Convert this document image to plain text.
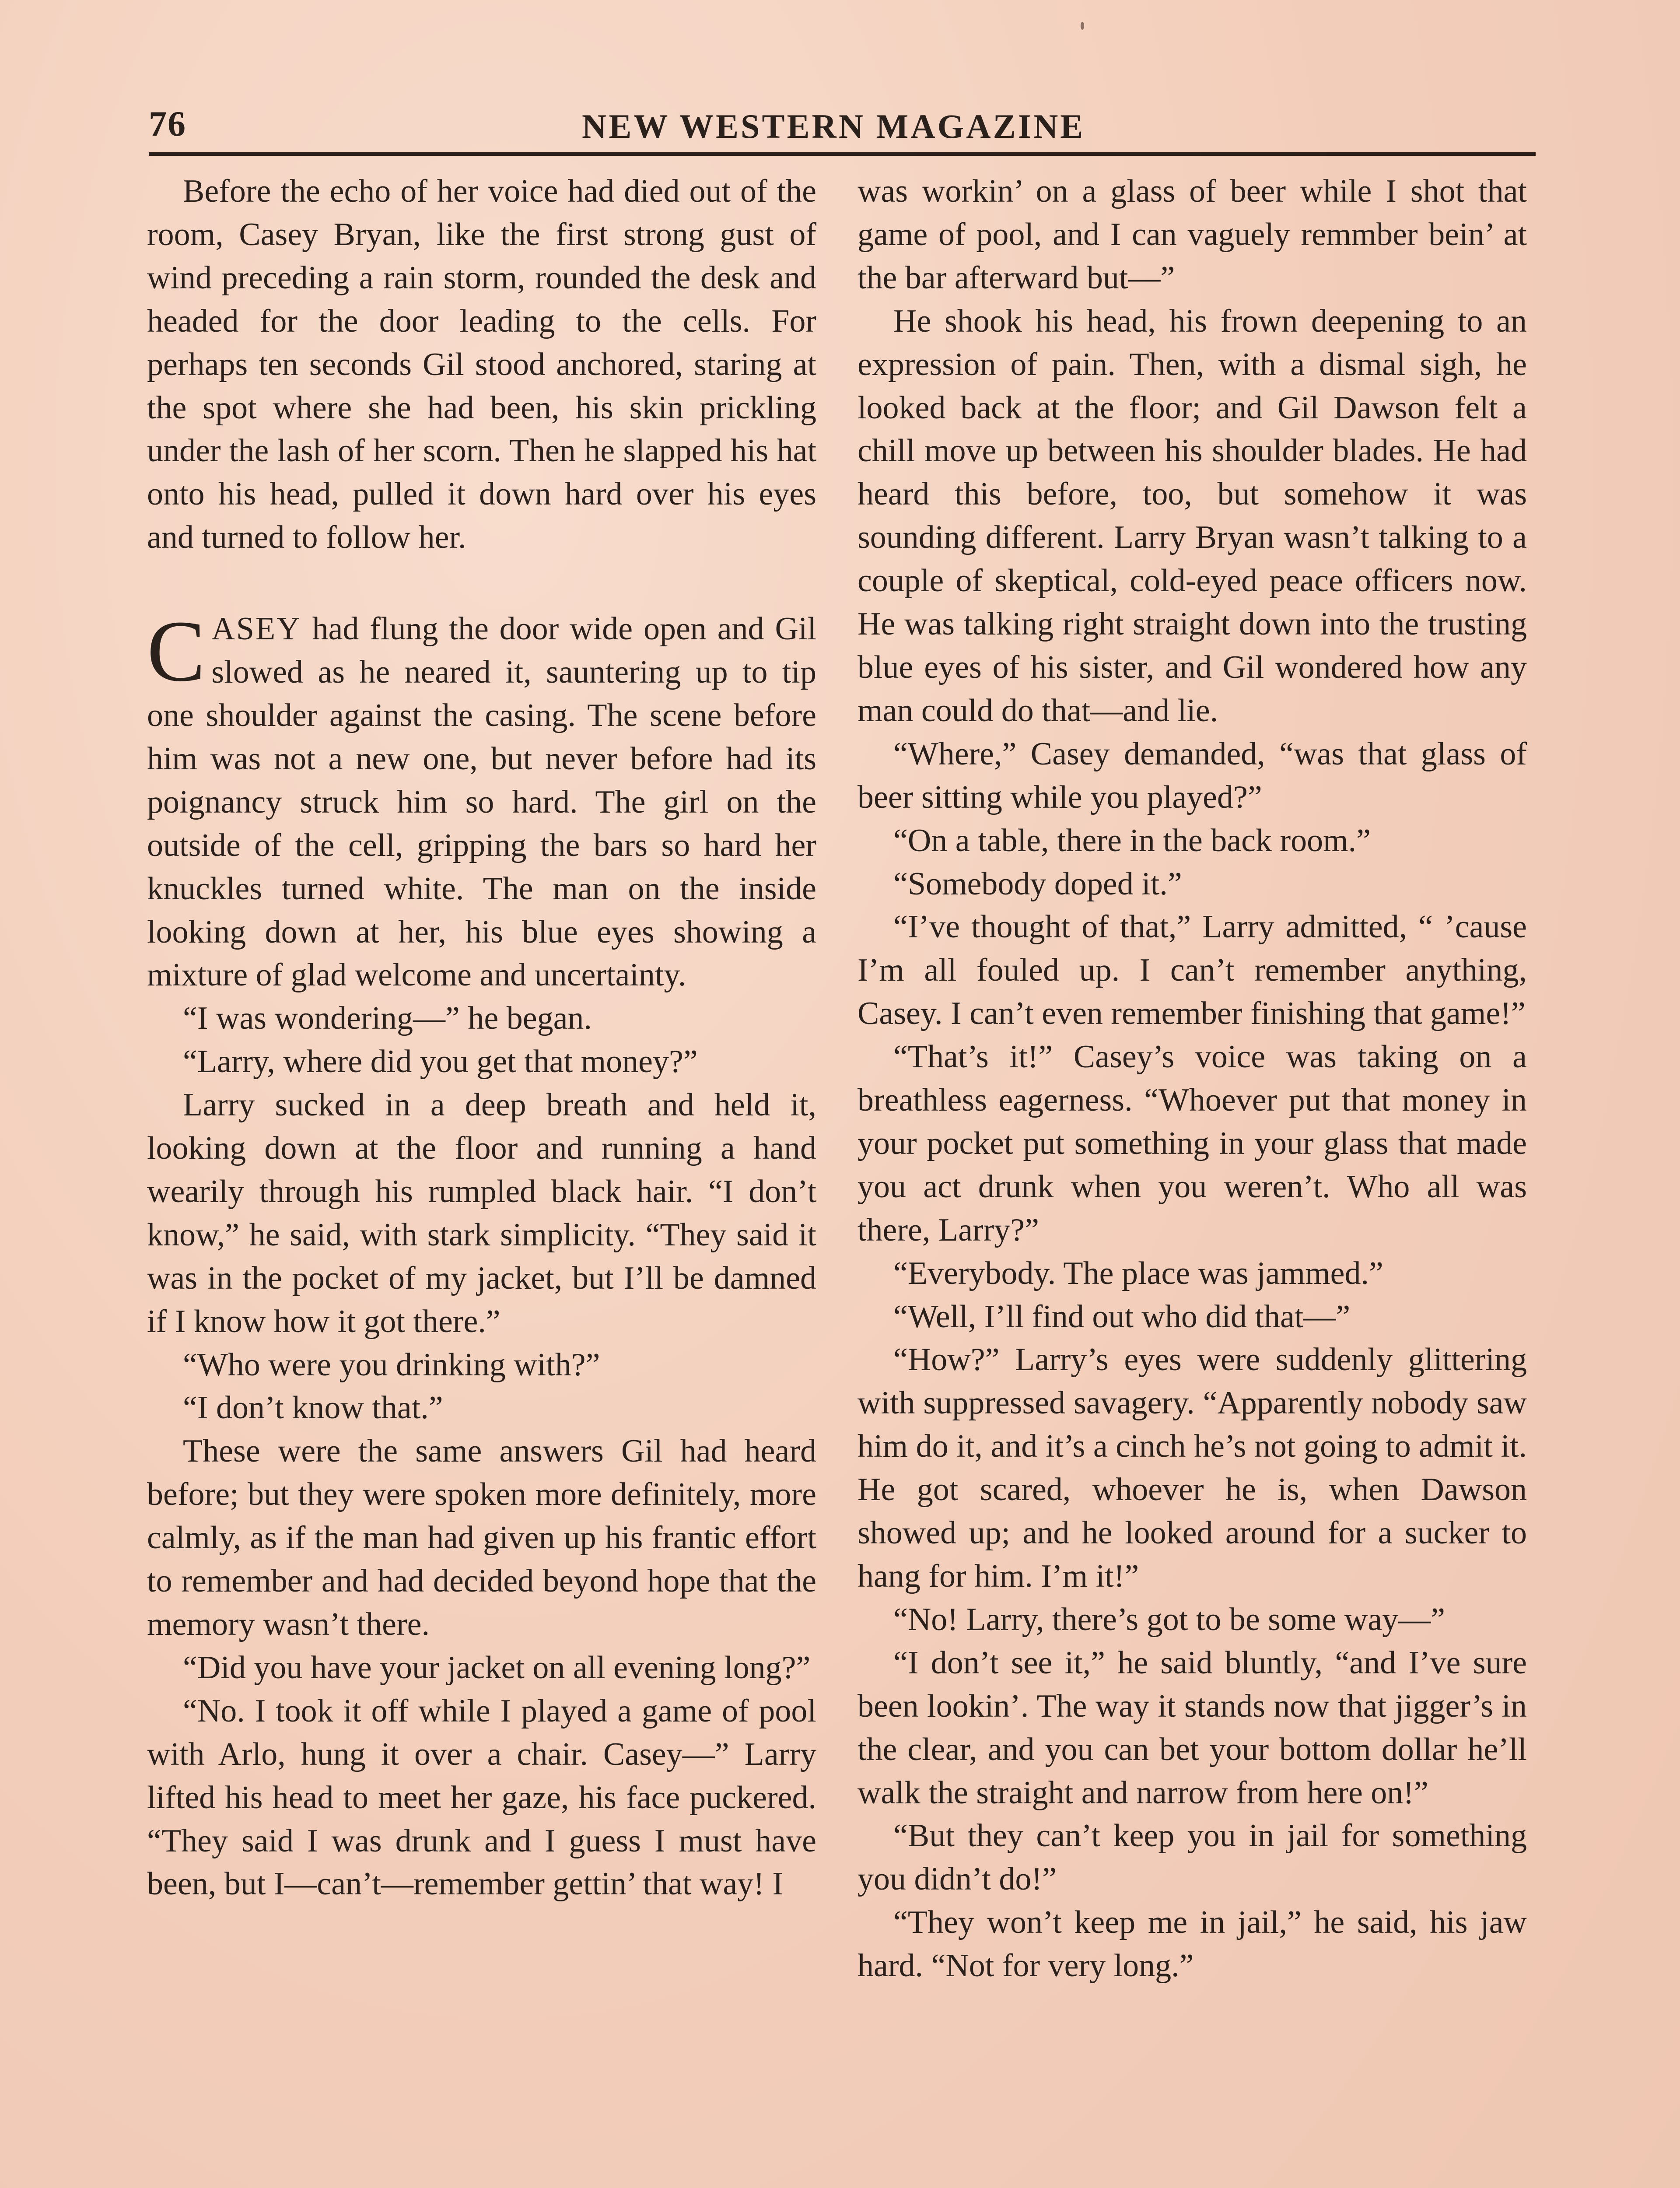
76	NEW WESTERN MAGAZINE

Before the echo of her voice had died out of the room, Casey Bryan, like the first strong gust of wind preceding a rain storm, rounded the desk and headed for the door leading to the cells. For perhaps ten seconds Gil stood anchored, staring at the spot where she had been, his skin prickling under the lash of her scorn. Then he slapped his hat onto his head, pulled it down hard over his eyes and turned to follow her.

CASEY had flung the door wide open and Gil slowed as he neared it, sauntering up to tip one shoulder against the casing. The scene before him was not a new one, but never before had its poignancy struck him so hard. The girl on the outside of the cell, gripping the bars so hard her knuckles turned white. The man on the inside looking down at her, his blue eyes showing a mixture of glad welcome and uncertainty.

“I was wondering—” he began.

“Larry, where did you get that money?”

Larry sucked in a deep breath and held it, looking down at the floor and running a hand wearily through his rumpled black hair. “I don’t know,” he said, with stark simplicity. “They said it was in the pocket of my jacket, but I’ll be damned if I know how it got there.”

“Who were you drinking with?”

“I don’t know that.”

These were the same answers Gil had heard before; but they were spoken more definitely, more calmly, as if the man had given up his frantic effort to remember and had decided beyond hope that the memory wasn’t there.

“Did you have your jacket on all evening long?”

“No. I took it off while I played a game of pool with Arlo, hung it over a chair. Casey—” Larry lifted his head to meet her gaze, his face puckered. “They said I was drunk and I guess I must have been, but I—can’t—remember gettin’ that way! I

was workin’ on a glass of beer while I shot that game of pool, and I can vaguely remmber bein’ at the bar afterward but—”

He shook his head, his frown deepening to an expression of pain. Then, with a dismal sigh, he looked back at the floor; and Gil Dawson felt a chill move up between his shoulder blades. He had heard this before, too, but somehow it was sounding different. Larry Bryan wasn’t talking to a couple of skeptical, cold-eyed peace officers now. He was talking right straight down into the trusting blue eyes of his sister, and Gil wondered how any man could do that—and lie.

“Where,” Casey demanded, “was that glass of beer sitting while you played?”

“On a table, there in the back room.”

“Somebody doped it.”

“I’ve thought of that,” Larry admitted, “ ’cause I’m all fouled up. I can’t remember anything, Casey. I can’t even remember finishing that game!”

“That’s it!” Casey’s voice was taking on a breathless eagerness. “Whoever put that money in your pocket put something in your glass that made you act drunk when you weren’t. Who all was there, Larry?”

“Everybody. The place was jammed.”

“Well, I’ll find out who did that—”

“How?” Larry’s eyes were suddenly glittering with suppressed savagery. “Apparently nobody saw him do it, and it’s a cinch he’s not going to admit it. He got scared, whoever he is, when Dawson showed up; and he looked around for a sucker to hang for him. I’m it!”

“No! Larry, there’s got to be some way—”

“I don’t see it,” he said bluntly, “and I’ve sure been lookin’. The way it stands now that jigger’s in the clear, and you can bet your bottom dollar he’ll walk the straight and narrow from here on!”

“But they can’t keep you in jail for something you didn’t do!”

“They won’t keep me in jail,” he said, his jaw hard. “Not for very long.”
